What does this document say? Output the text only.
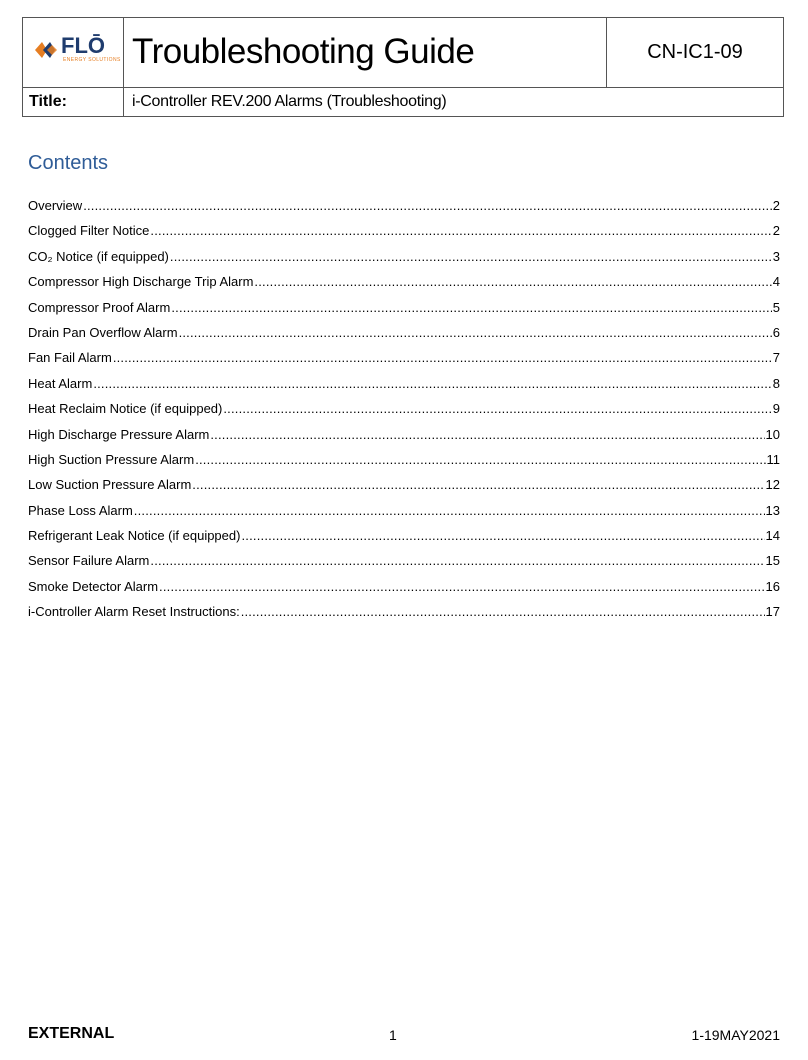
FLŌ
ENERGY SOLUTIONS	Troubleshooting Guide	CN-IC1-09
Title:	i-Controller REV.200 Alarms (Troubleshooting)	
Contents
Overview .....	2
Clogged Filter Notice .....	2
CO₂ Notice (if equipped) .....	3
Compressor High Discharge Trip Alarm .....	4
Compressor Proof Alarm .....	5
Drain Pan Overflow Alarm .....	6
Fan Fail Alarm .....	7
Heat Alarm .....	8
Heat Reclaim Notice (if equipped) .....	9
High Discharge Pressure Alarm .....	10
High Suction Pressure Alarm .....	11
Low Suction Pressure Alarm .....	12
Phase Loss Alarm .....	13
Refrigerant Leak Notice (if equipped) .....	14
Sensor Failure Alarm .....	15
Smoke Detector Alarm .....	16
i-Controller Alarm Reset Instructions: .....	17
EXTERNAL	1	1-19MAY2021
